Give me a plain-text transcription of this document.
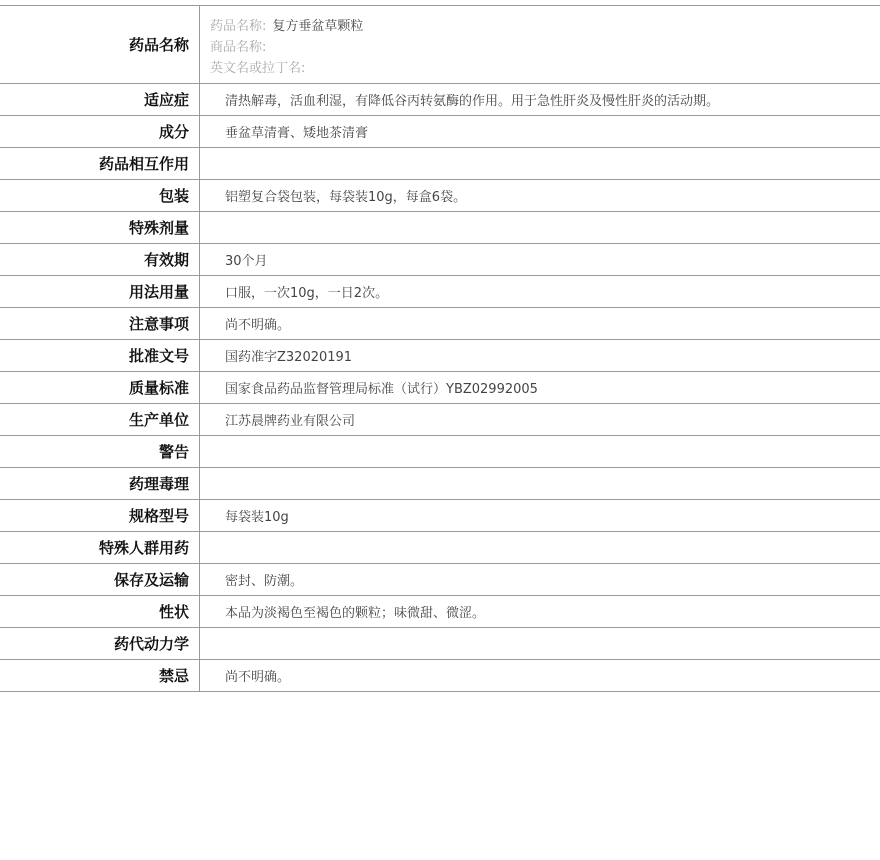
药品名称
药品名称: 复方垂盆草颗粒
商品名称:
英文名或拉丁名:
适应症	清热解毒，活血利湿，有降低谷丙转氨酶的作用。用于急性肝炎及慢性肝炎的活动期。
成分	垂盆草清膏、矮地茶清膏
药品相互作用
包装	铝塑复合袋包装，每袋装10g，每盒6袋。
特殊剂量
有效期	30个月
用法用量	口服，一次10g，一日2次。
注意事项	尚不明确。
批准文号	国药准字Z32020191
质量标准	国家食品药品监督管理局标准（试行）YBZ02992005
生产单位	江苏晨牌药业有限公司
警告
药理毒理
规格型号	每袋装10g
特殊人群用药
保存及运输	密封、防潮。
性状	本品为淡褐色至褐色的颗粒；味微甜、微涩。
药代动力学
禁忌	尚不明确。
